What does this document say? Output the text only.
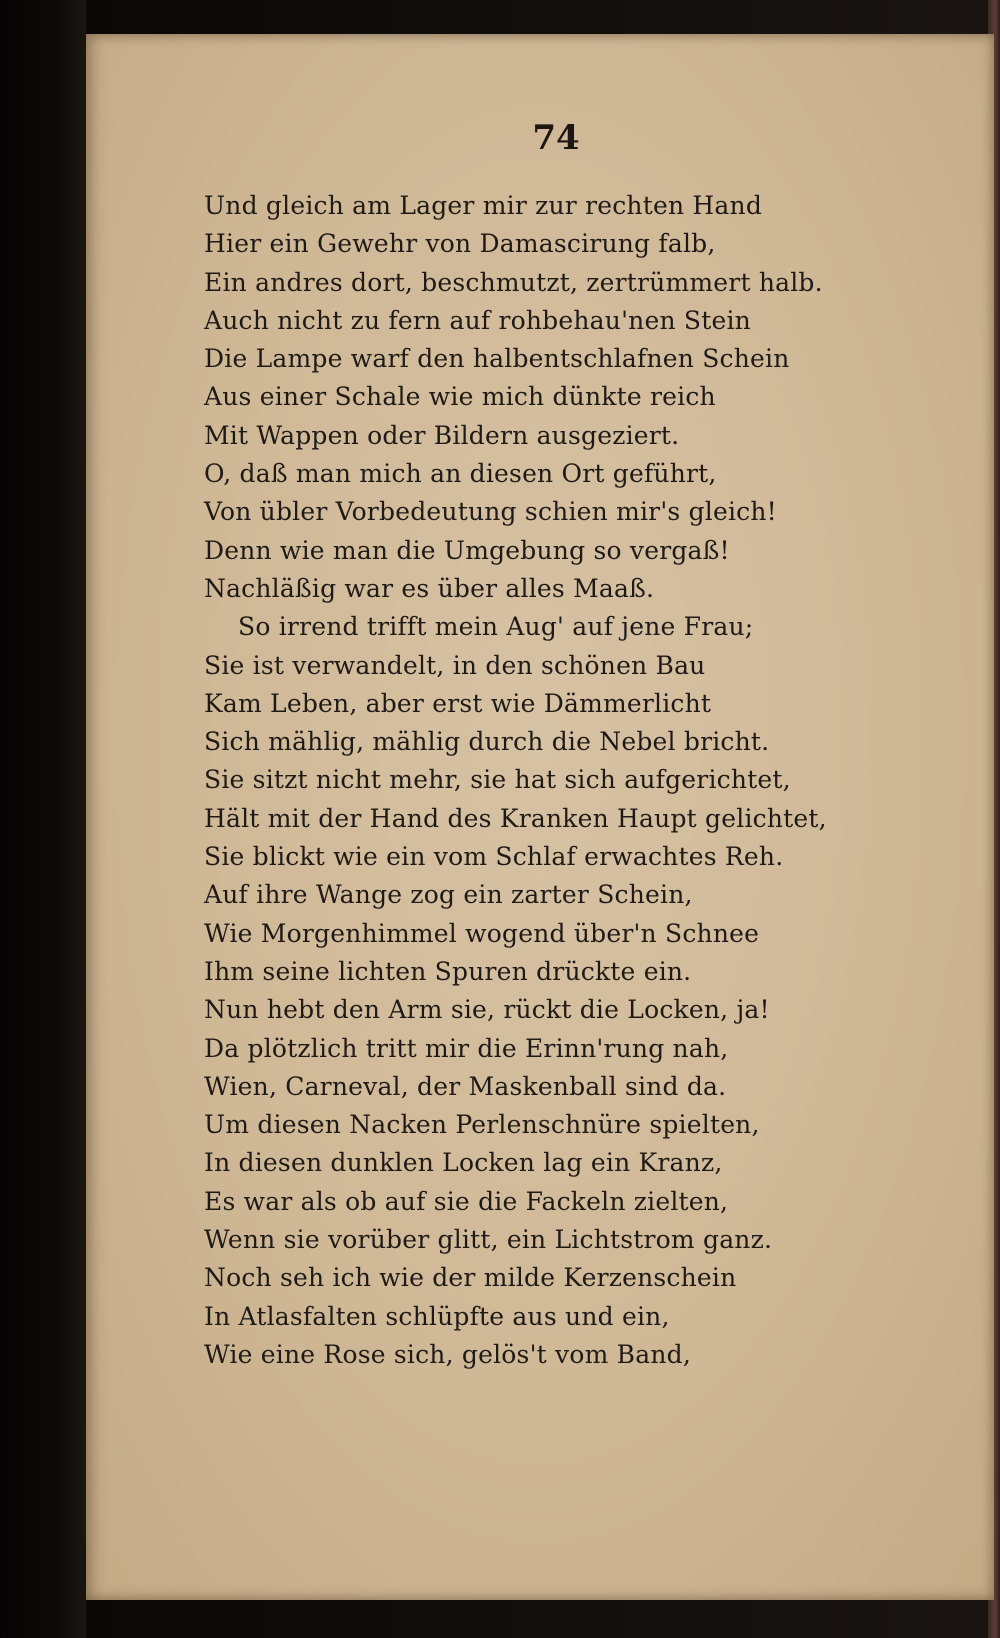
74
Und gleich am Lager mir zur rechten Hand
Hier ein Gewehr von Damascirung falb,
Ein andres dort, beschmutzt, zertrümmert halb.
Auch nicht zu fern auf rohbehau'nen Stein
Die Lampe warf den halbentschlafnen Schein
Aus einer Schale wie mich dünkte reich
Mit Wappen oder Bildern ausgeziert.
O, daß man mich an diesen Ort geführt,
Von übler Vorbedeutung schien mir's gleich!
Denn wie man die Umgebung so vergaß!
Nachläßig war es über alles Maaß.
So irrend trifft mein Aug' auf jene Frau;
Sie ist verwandelt, in den schönen Bau
Kam Leben, aber erst wie Dämmerlicht
Sich mählig, mählig durch die Nebel bricht.
Sie sitzt nicht mehr, sie hat sich aufgerichtet,
Hält mit der Hand des Kranken Haupt gelichtet,
Sie blickt wie ein vom Schlaf erwachtes Reh.
Auf ihre Wange zog ein zarter Schein,
Wie Morgenhimmel wogend über'n Schnee
Ihm seine lichten Spuren drückte ein.
Nun hebt den Arm sie, rückt die Locken, ja!
Da plötzlich tritt mir die Erinn'rung nah,
Wien, Carneval, der Maskenball sind da.
Um diesen Nacken Perlenschnüre spielten,
In diesen dunklen Locken lag ein Kranz,
Es war als ob auf sie die Fackeln zielten,
Wenn sie vorüber glitt, ein Lichtstrom ganz.
Noch seh ich wie der milde Kerzenschein
In Atlasfalten schlüpfte aus und ein,
Wie eine Rose sich, gelös't vom Band,
